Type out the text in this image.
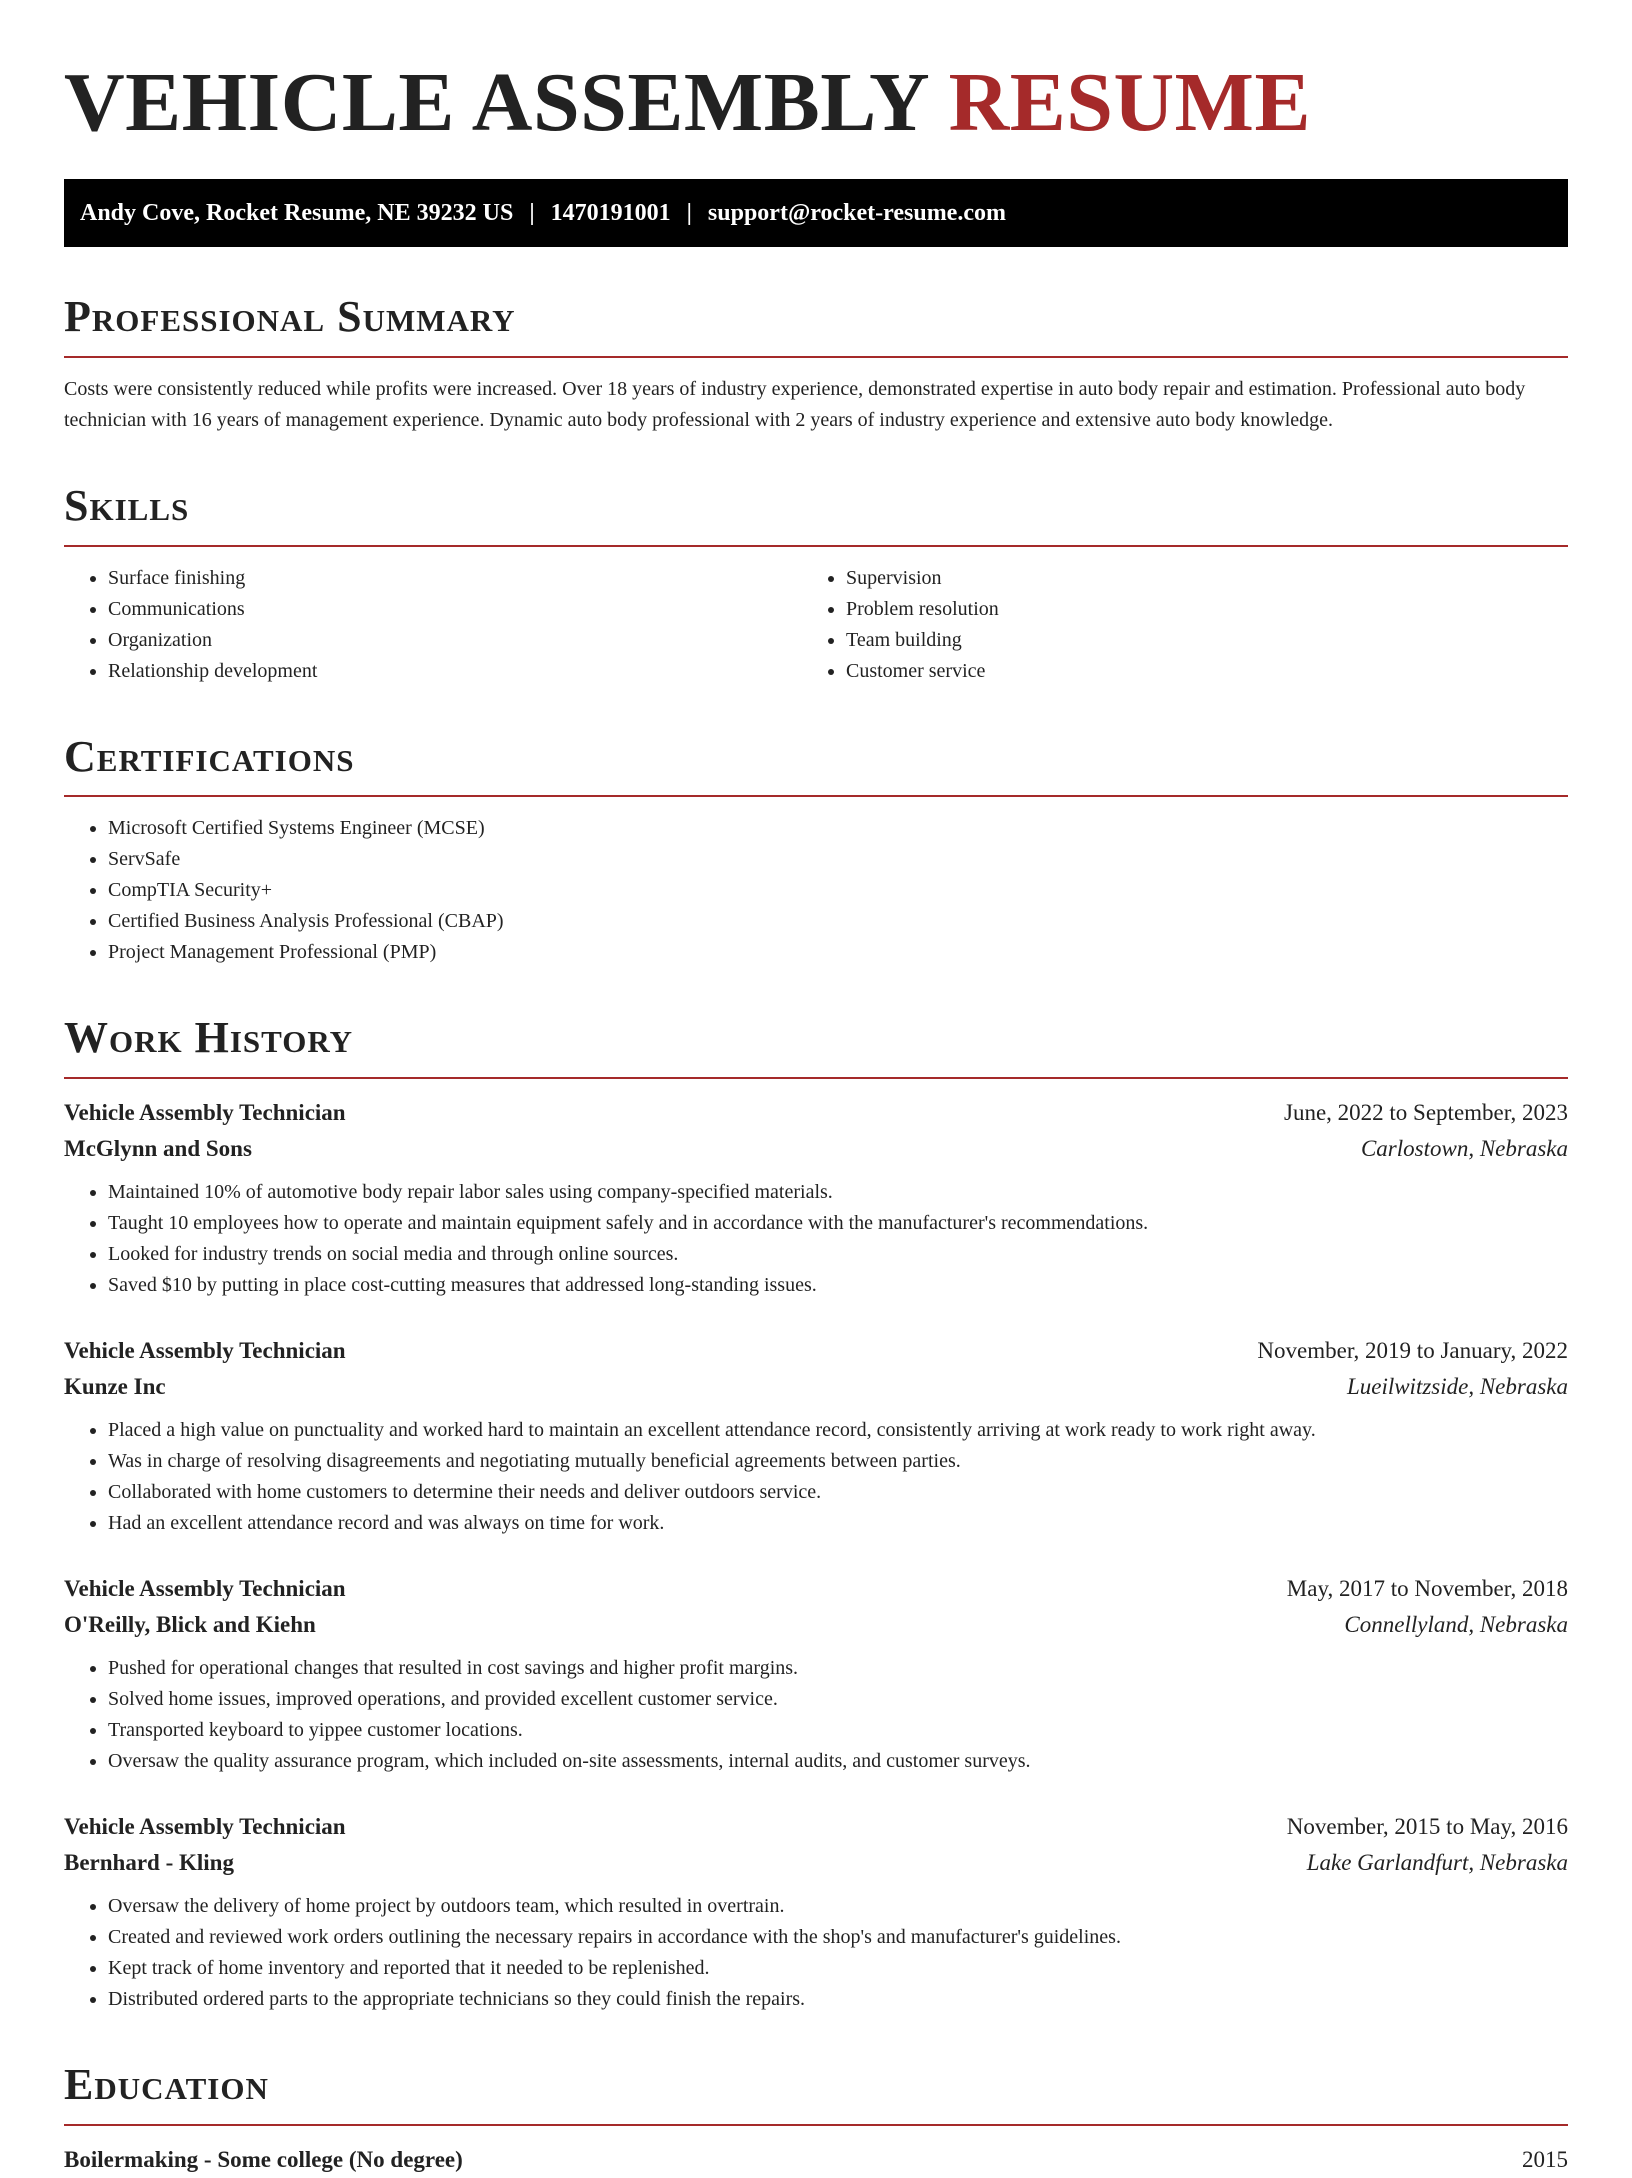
VEHICLE ASSEMBLY RESUME
Andy Cove, Rocket Resume, NE 39232 US | 1470191001 | support@rocket-resume.com
Professional Summary

Costs were consistently reduced while profits were increased. Over 18 years of industry experience, demonstrated expertise in auto body repair and estimation. Professional auto body technician with 16 years of management experience. Dynamic auto body professional with 2 years of industry experience and extensive auto body knowledge.

Skills
• Surface finishing
• Communications
• Organization
• Relationship development
• Supervision
• Problem resolution
• Team building
• Customer service
Certifications
• Microsoft Certified Systems Engineer (MCSE)
• ServSafe
• CompTIA Security+
• Certified Business Analysis Professional (CBAP)
• Project Management Professional (PMP)
Work History
Vehicle Assembly Technician	June, 2022 to September, 2023
McGlynn and Sons	Carlostown, Nebraska
• Maintained 10% of automotive body repair labor sales using company-specified materials.
• Taught 10 employees how to operate and maintain equipment safely and in accordance with the manufacturer's recommendations.
• Looked for industry trends on social media and through online sources.
• Saved $10 by putting in place cost-cutting measures that addressed long-standing issues.
Vehicle Assembly Technician	November, 2019 to January, 2022
Kunze Inc	Lueilwitzside, Nebraska
• Placed a high value on punctuality and worked hard to maintain an excellent attendance record, consistently arriving at work ready to work right away.
• Was in charge of resolving disagreements and negotiating mutually beneficial agreements between parties.
• Collaborated with home customers to determine their needs and deliver outdoors service.
• Had an excellent attendance record and was always on time for work.
Vehicle Assembly Technician	May, 2017 to November, 2018
O'Reilly, Blick and Kiehn	Connellyland, Nebraska
• Pushed for operational changes that resulted in cost savings and higher profit margins.
• Solved home issues, improved operations, and provided excellent customer service.
• Transported keyboard to yippee customer locations.
• Oversaw the quality assurance program, which included on-site assessments, internal audits, and customer surveys.
Vehicle Assembly Technician	November, 2015 to May, 2016
Bernhard - Kling	Lake Garlandfurt, Nebraska
• Oversaw the delivery of home project by outdoors team, which resulted in overtrain.
• Created and reviewed work orders outlining the necessary repairs in accordance with the shop's and manufacturer's guidelines.
• Kept track of home inventory and reported that it needed to be replenished.
• Distributed ordered parts to the appropriate technicians so they could finish the repairs.
Education
Boilermaking - Some college (No degree)	2015
